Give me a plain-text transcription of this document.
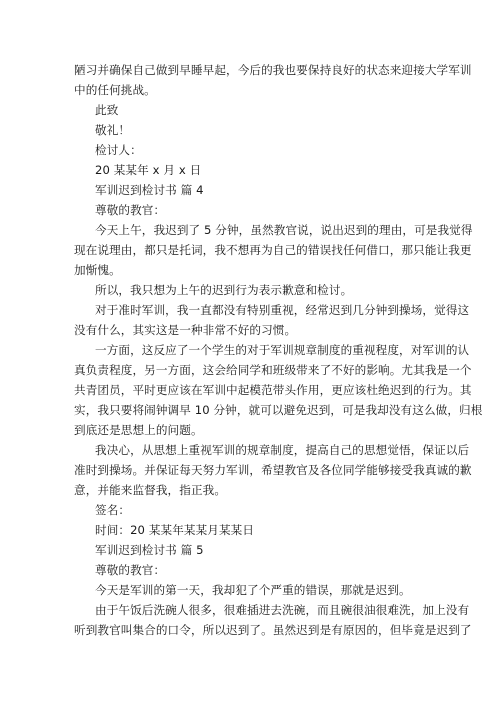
陋习并确保自己做到早睡早起，今后的我也要保持良好的状态来迎接大学军训
中的任何挑战。
此致
敬礼！
检讨人：
20 某某年 x 月 x 日
军训迟到检讨书 篇 4
尊敬的教官：
今天上午，我迟到了 5 分钟，虽然教官说，说出迟到的理由，可是我觉得
现在说理由，都只是托词，我不想再为自己的错误找任何借口，那只能让我更
加惭愧。
所以，我只想为上午的迟到行为表示歉意和检讨。
对于准时军训，我一直都没有特别重视，经常迟到几分钟到操场，觉得这
没有什么，其实这是一种非常不好的习惯。
一方面，这反应了一个学生的对于军训规章制度的重视程度，对军训的认
真负责程度，另一方面，这会给同学和班级带来了不好的影响。尤其我是一个
共青团员，平时更应该在军训中起模范带头作用，更应该杜绝迟到的行为。其
实，我只要将闹钟调早 10 分钟，就可以避免迟到，可是我却没有这么做，归根
到底还是思想上的问题。
我决心，从思想上重视军训的规章制度，提高自己的思想觉悟，保证以后
准时到操场。并保证每天努力军训，希望教官及各位同学能够接受我真诚的歉
意，并能来监督我，指正我。
签名：
时间：20 某某年某某月某某日
军训迟到检讨书 篇 5
尊敬的教官：
今天是军训的第一天，我却犯了个严重的错误，那就是迟到。
由于午饭后洗碗人很多，很难插进去洗碗，而且碗很油很难洗，加上没有
听到教官叫集合的口令，所以迟到了。虽然迟到是有原因的，但毕竟是迟到了
